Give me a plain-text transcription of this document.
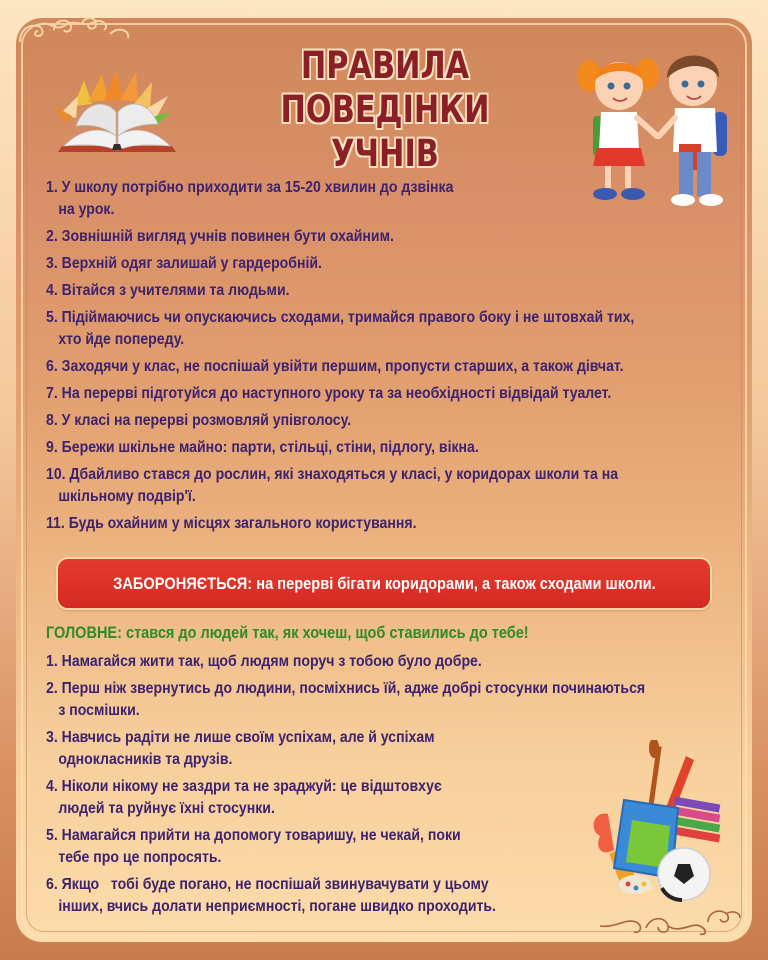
ПРАВИЛА
ПОВЕДІНКИ УЧНІВ
1. У школу потрібно приходити за 15-20 хвилин до дзвінка
на урок.
2. Зовнішній вигляд учнів повинен бути охайним.
3. Верхній одяг залишай у гардеробній.
4. Вітайся з учителями та людьми.
5. Підіймаючись чи опускаючись сходами, тримайся правого боку і не штовхай тих,
хто йде попереду.
6. Заходячи у клас, не поспішай увійти першим, пропусти старших, а також дівчат.
7. На перерві підготуйся до наступного уроку та за необхідності відвідай туалет.
8. У класі на перерві розмовляй упівголосу.
9. Бережи шкільне майно: парти, стільці, стіни, підлогу, вікна.
10. Дбайливо стався до рослин, які знаходяться у класі, у коридорах школи та на
шкільному подвір'ї.
11. Будь охайним у місцях загального користування.
ЗАБОРОНЯЄТЬСЯ: на перерві бігати коридорами, а також сходами школи.
ГОЛОВНЕ: стався до людей так, як хочеш, щоб ставились до тебе!
1. Намагайся жити так, щоб людям поруч з тобою було добре.
2. Перш ніж звернутись до людини, посміхнись їй, адже добрі стосунки починаються
з посмішки.
3. Навчись радіти не лише своїм успіхам, але й успіхам
однокласників та друзів.
4. Ніколи нікому не заздри та не зраджуй: це відштовхує
людей та руйнує їхні стосунки.
5. Намагайся прийти на допомогу товаришу, не чекай, поки
тебе про це попросять.
6. Якщо   тобі буде погано, не поспішай звинувачувати у цьому
інших, вчись долати неприємності, погане швидко проходить.
